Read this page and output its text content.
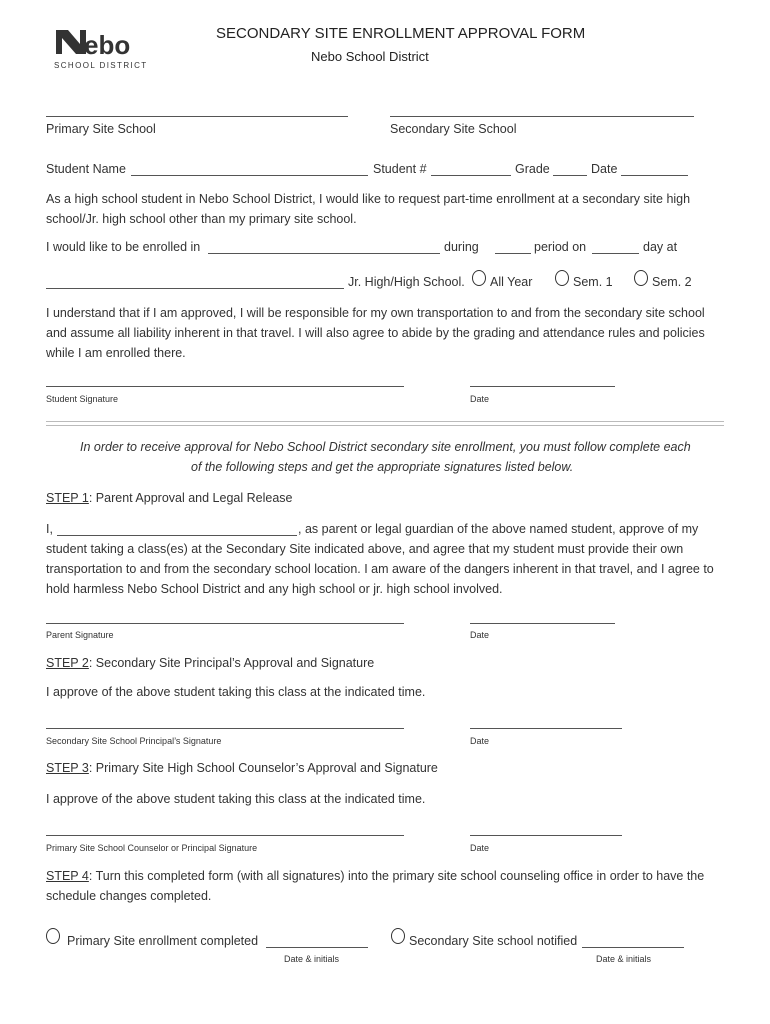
ebo
SCHOOL DISTRICT
SECONDARY SITE ENROLLMENT APPROVAL FORM
Nebo School District
Primary Site School	Secondary Site School
Student Name	Student #	Grade	Date
As a high school student in Nebo School District, I would like to request part-time enrollment at a secondary site high school/Jr. high school other than my primary site school.
I would like to be enrolled in	during	period on	day at
Jr. High/High School. All Year	Sem. 1	Sem. 2
I understand that if I am approved, I will be responsible for my own transportation to and from the secondary site school and assume all liability inherent in that travel. I will also agree to abide by the grading and attendance rules and policies while I am enrolled there.
Student Signature	Date
In order to receive approval for Nebo School District secondary site enrollment, you must follow complete each
of the following steps and get the appropriate signatures listed below.
STEP 1: Parent Approval and Legal Release
I,	, as parent or legal guardian of the above named student, approve of my student taking a class(es) at the Secondary Site indicated above, and agree that my student must provide their own transportation to and from the secondary school location. I am aware of the dangers inherent in that travel, and I agree to hold harmless Nebo School District and any high school or jr. high school involved.
Parent Signature	Date
STEP 2: Secondary Site Principal’s Approval and Signature
I approve of the above student taking this class at the indicated time.
Secondary Site School Principal’s Signature	Date
STEP 3: Primary Site High School Counselor’s Approval and Signature
I approve of the above student taking this class at the indicated time.
Primary Site School Counselor or Principal Signature	Date
STEP 4: Turn this completed form (with all signatures) into the primary site school counseling office in order to have the schedule changes completed.
Primary Site enrollment completed	Secondary Site school notified
Date & initials	Date & initials
